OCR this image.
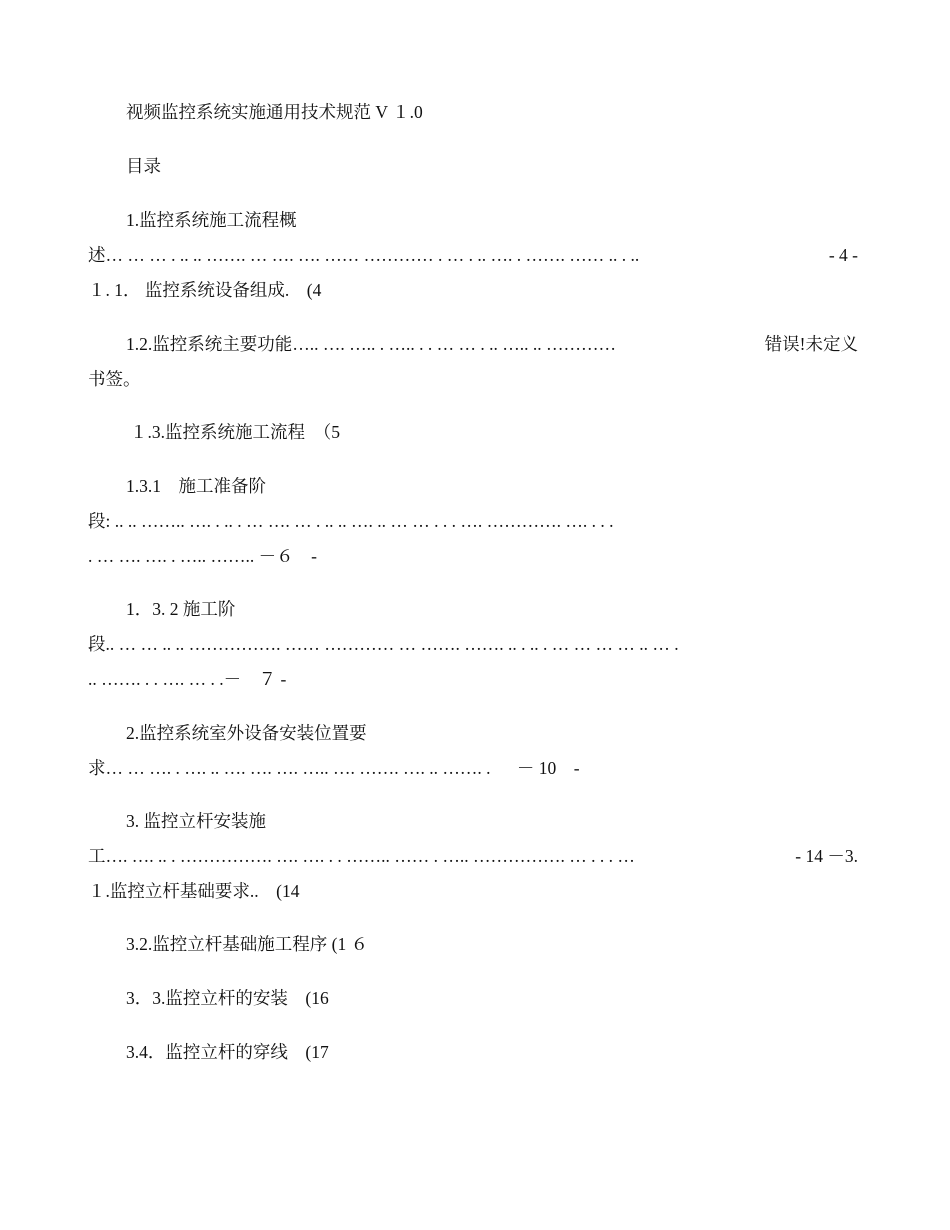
视频监控系统实施通用技术规范 V １.0
目录
1.监控系统施工流程概
述… … … . .. .. ……. … …. …. …… ………… . … . .. …. . ……. …… .. . ..	- 4 -
１. 1． 监控系统设备组成.　(4
1.2.监控系统主要功能….. …. ….. . ….. . . … … . .. ….. .. …………	错误!未定义
书签。
１.3.监控系统施工流程　（5
1.3.1　施工准备阶
段: .. .. …….. …. . .. . … …. … . .. .. …. .. … … . . . …. …………. …. . . .
. … …. …. . ….. …….. －６　-
1．3. 2 施工阶
段.. … … .. .. ……………. …… ………… … ……. ……. .. . .. . … … … … .. … .
.. ……. . . …. … . .－　７ -
2.监控系统室外设备安装位置要
求… … …. . …. .. …. …. …. ….. …. ……. …. .. ……. . － 10　-
3. 监控立杆安装施
工…. …. .. . ……………. …. …. . . …….. …… . ….. ……………. … . . . …	- 14 －3.
１.监控立杆基础要求..　(14
3.2.监控立杆基础施工程序 (1 ６
3．3.监控立杆的安装　(16
3.4．监控立杆的穿线　(17
